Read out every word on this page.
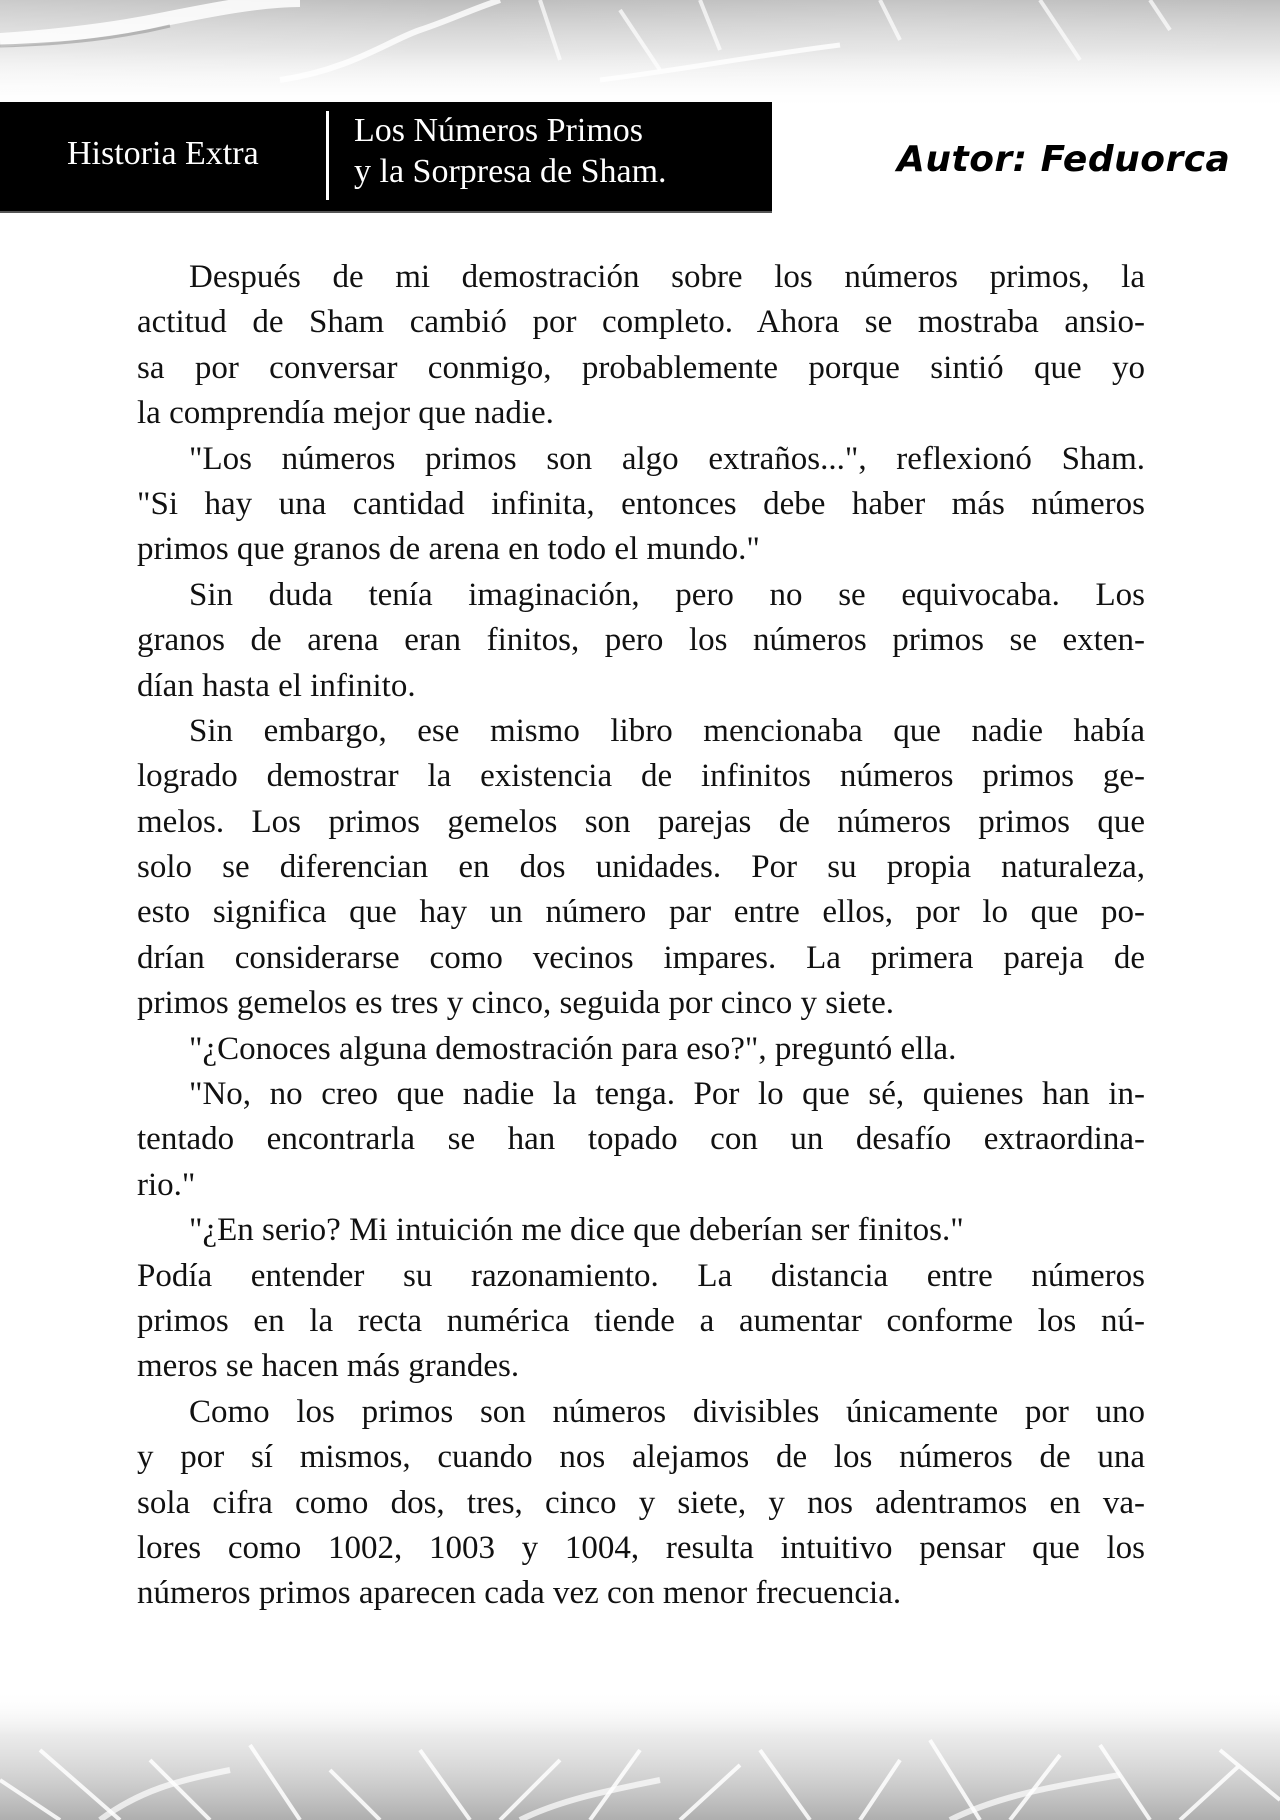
Historia Extra
Los Números Primos
y la Sorpresa de Sham.	Autor: Feduorca
Después de mi demostración sobre los números primos, la
actitud de Sham cambió por completo. Ahora se mostraba ansio-
sa por conversar conmigo, probablemente porque sintió que yo
la comprendía mejor que nadie.
"Los números primos son algo extraños...", reflexionó Sham.
"Si hay una cantidad infinita, entonces debe haber más números
primos que granos de arena en todo el mundo."
Sin duda tenía imaginación, pero no se equivocaba. Los
granos de arena eran finitos, pero los números primos se exten-
dían hasta el infinito.
Sin embargo, ese mismo libro mencionaba que nadie había
logrado demostrar la existencia de infinitos números primos ge-
melos. Los primos gemelos son parejas de números primos que
solo se diferencian en dos unidades. Por su propia naturaleza,
esto significa que hay un número par entre ellos, por lo que po-
drían considerarse como vecinos impares. La primera pareja de
primos gemelos es tres y cinco, seguida por cinco y siete.
"¿Conoces alguna demostración para eso?", preguntó ella.
"No, no creo que nadie la tenga. Por lo que sé, quienes han in-
tentado encontrarla se han topado con un desafío extraordina-
rio."
"¿En serio? Mi intuición me dice que deberían ser finitos."
Podía entender su razonamiento. La distancia entre números
primos en la recta numérica tiende a aumentar conforme los nú-
meros se hacen más grandes.
Como los primos son números divisibles únicamente por uno
y por sí mismos, cuando nos alejamos de los números de una
sola cifra como dos, tres, cinco y siete, y nos adentramos en va-
lores como 1002, 1003 y 1004, resulta intuitivo pensar que los
números primos aparecen cada vez con menor frecuencia.
